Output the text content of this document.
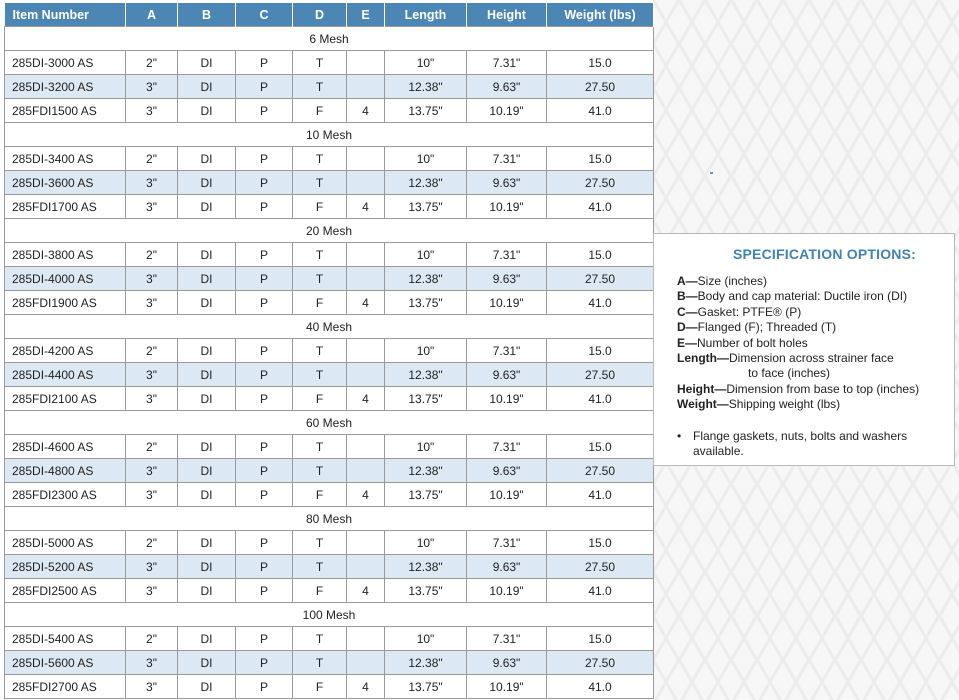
Item Number	A	B	C	D	E	Length	Height	Weight (lbs)
6 Mesh								
285DI-3000 AS	2"	DI	P	T		10"	7.31"	15.0
285DI-3200 AS	3"	DI	P	T		12.38"	9.63"	27.50
285FDI1500 AS	3"	DI	P	F	4	13.75"	10.19"	41.0
10 Mesh								
285DI-3400 AS	2"	DI	P	T		10"	7.31"	15.0
285DI-3600 AS	3"	DI	P	T		12.38"	9.63"	27.50
285FDI1700 AS	3"	DI	P	F	4	13.75"	10.19"	41.0
20 Mesh								
285DI-3800 AS	2"	DI	P	T		10"	7.31"	15.0
285DI-4000 AS	3"	DI	P	T		12.38"	9.63"	27.50
285FDI1900 AS	3"	DI	P	F	4	13.75"	10.19"	41.0
40 Mesh								
285DI-4200 AS	2"	DI	P	T		10"	7.31"	15.0
285DI-4400 AS	3"	DI	P	T		12.38"	9.63"	27.50
285FDI2100 AS	3"	DI	P	F	4	13.75"	10.19"	41.0
60 Mesh								
285DI-4600 AS	2"	DI	P	T		10"	7.31"	15.0
285DI-4800 AS	3"	DI	P	T		12.38"	9.63"	27.50
285FDI2300 AS	3"	DI	P	F	4	13.75"	10.19"	41.0
80 Mesh								
285DI-5000 AS	2"	DI	P	T		10"	7.31"	15.0
285DI-5200 AS	3"	DI	P	T		12.38"	9.63"	27.50
285FDI2500 AS	3"	DI	P	F	4	13.75"	10.19"	41.0
100 Mesh								
285DI-5400 AS	2"	DI	P	T		10"	7.31"	15.0
285DI-5600 AS	3"	DI	P	T		12.38"	9.63"	27.50
285FDI2700 AS	3"	DI	P	F	4	13.75"	10.19"	41.0
SPECIFICATION OPTIONS:
A—Size (inches)
B—Body and cap material: Ductile iron (DI)
C—Gasket: PTFE® (P)
D—Flanged (F); Threaded (T)
E—Number of bolt holes
Length—Dimension across strainer face
to face (inches)
Height—Dimension from base to top (inches)
Weight—Shipping weight (lbs)
• Flange gaskets, nuts, bolts and washers available.
